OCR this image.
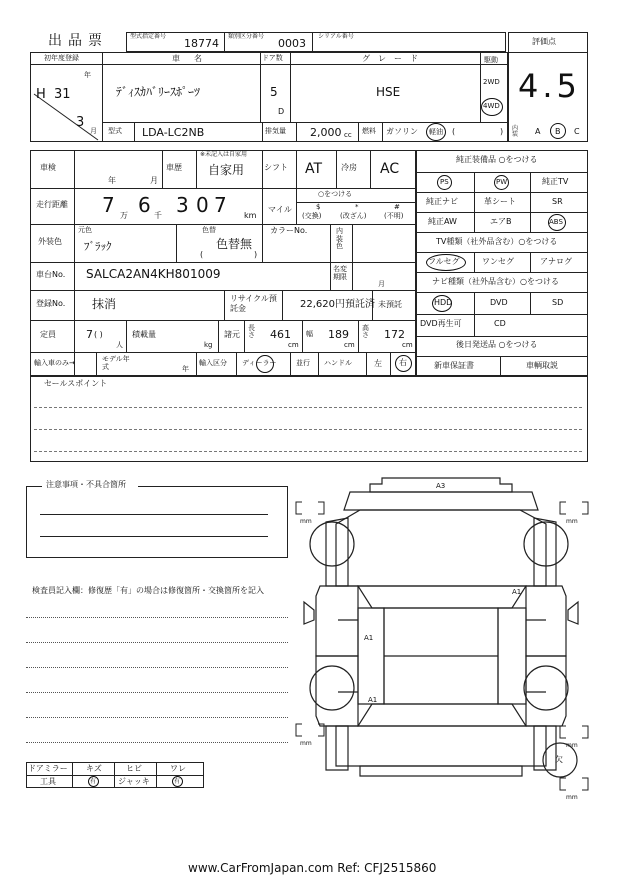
出品票	型式指定番号
18774
類別区分番号
0003
シリアル番号
評価点
4.5
初年度登録
H 31
年
3
月
車名
ﾃﾞｨｽｶﾊﾞﾘｰｽﾎﾟｰﾂ
ドア数
5
D
グレード
HSE
駆動
2WD
4WD
型式 LDA-LC2NB	排気量 2,000 cc 燃料 ガソリン 軽油 (	) 内装 A B C
車検
年	月
車歴
※未記入は自家用
自家用 シフト AT 冷房 AC
走行距離 7 6 3 0 7
万	千	km
○をつける
マイル	$
(交換)
*
(改ざん)
#
(不明)
外装色
元色
ﾌﾞﾗｯｸ
色替
色替無
(	)
カラーNo.	内装色
車台No. SALCA2AN4KH801009	名変期限
月
登録No. 抹消	リサイクル預託金	22,620円預託済 未預託
定員	7 ( )
人
積載量
kg
諸元
長さ 461
cm
幅 189
cm
高さ 172
cm
輸入車のみ→	モデル年式	年
輸入区分 ディーラー	並行 ハンドル	左 右
セールスポイント
純正装備品 ○をつける
PS	PW	純正TV
純正ナビ	革シート	SR
純正AW	エアB	ABS
TV種類（社外品含む）○をつける
フルセグ	ワンセグ	アナログ
ナビ種類（社外品含む）○をつける
HDD	DVD	SD
DVD再生可	CD
後日発送品 ○をつける
新車保証書	車輌取説
注意事項・不具合箇所
検査員記入欄：修復歴「有」の場合は修復箇所・交換箇所を記入
ドアミラー キズ	ヒビ	ワレ
工具	有	ジャッキ	有
A3
A1
A1
A1
mm	mm
mm	mm
mm
欠
www.CarFromJapan.com Ref: CFJ2515860
